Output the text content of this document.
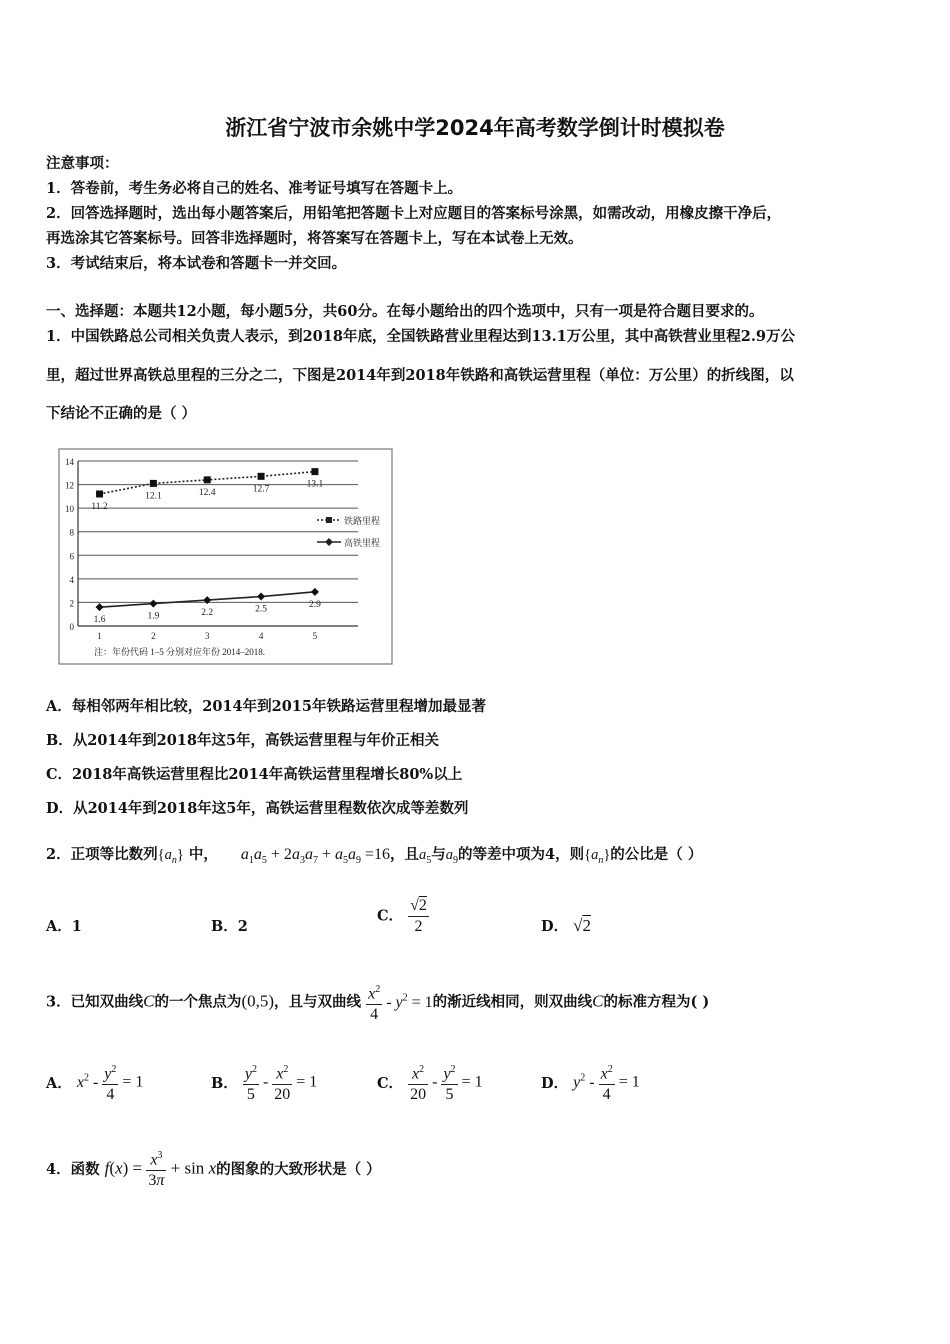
浙江省宁波市余姚中学2024年高考数学倒计时模拟卷
注意事项：
1．答卷前，考生务必将自己的姓名、准考证号填写在答题卡上。
2．回答选择题时，选出每小题答案后，用铅笔把答题卡上对应题目的答案标号涂黑，如需改动，用橡皮擦干净后，
再选涂其它答案标号。回答非选择题时，将答案写在答题卡上，写在本试卷上无效。
3．考试结束后，将本试卷和答题卡一并交回。
一、选择题：本题共12小题，每小题5分，共60分。在每小题给出的四个选项中，只有一项是符合题目要求的。
1．中国铁路总公司相关负责人表示，到2018年底，全国铁路营业里程达到13.1万公里，其中高铁营业里程2.9万公
里，超过世界高铁总里程的三分之二，下图是2014年到2018年铁路和高铁运营里程（单位：万公里）的折线图，以
下结论不正确的是（ ）
0
2
4
6
8
10
12
14
1	2	3	4	5
11.2
12.1	12.4	12.7	13.1
1.6	1.9	2.2	2.5	2.9
铁路里程
高铁里程
注：年份代码 1–5 分别对应年份 2014–2018.
A．每相邻两年相比较，2014年到2015年铁路运营里程增加最显著
B．从2014年到2018年这5年，高铁运营里程与年价正相关
C．2018年高铁运营里程比2014年高铁运营里程增长80%以上
D．从2014年到2018年这5年，高铁运营里程数依次成等差数列
2．正项等比数列$\{a_n\}$ 中， $a_1a_5 + 2a_3a_7 + a_5a_9 =16$，且$a_5$与$a_9$的等差中项为4，则$\{a_n\}$的公比是（ ）
A．1	B．2
C． $\frac{√2}{2}$	D． √2
3．已知双曲线C的一个焦点为(0,5)，且与双曲线 $\frac{x^2}{4} - y^2 = 1$的渐近线相同，则双曲线C的标准方程为( )
A． $x^2 - \frac{y^2}{4} = 1$	B． $\frac{y^2}{5} - \frac{x^2}{20} = 1$	C． $\frac{x^2}{20} - \frac{y^2}{5} = 1$	D． $y^2 - \frac{x^2}{4} = 1$
4．函数 $f(x) = \frac{x^3}{3\pi} + \sin x$的图象的大致形状是（ ）
